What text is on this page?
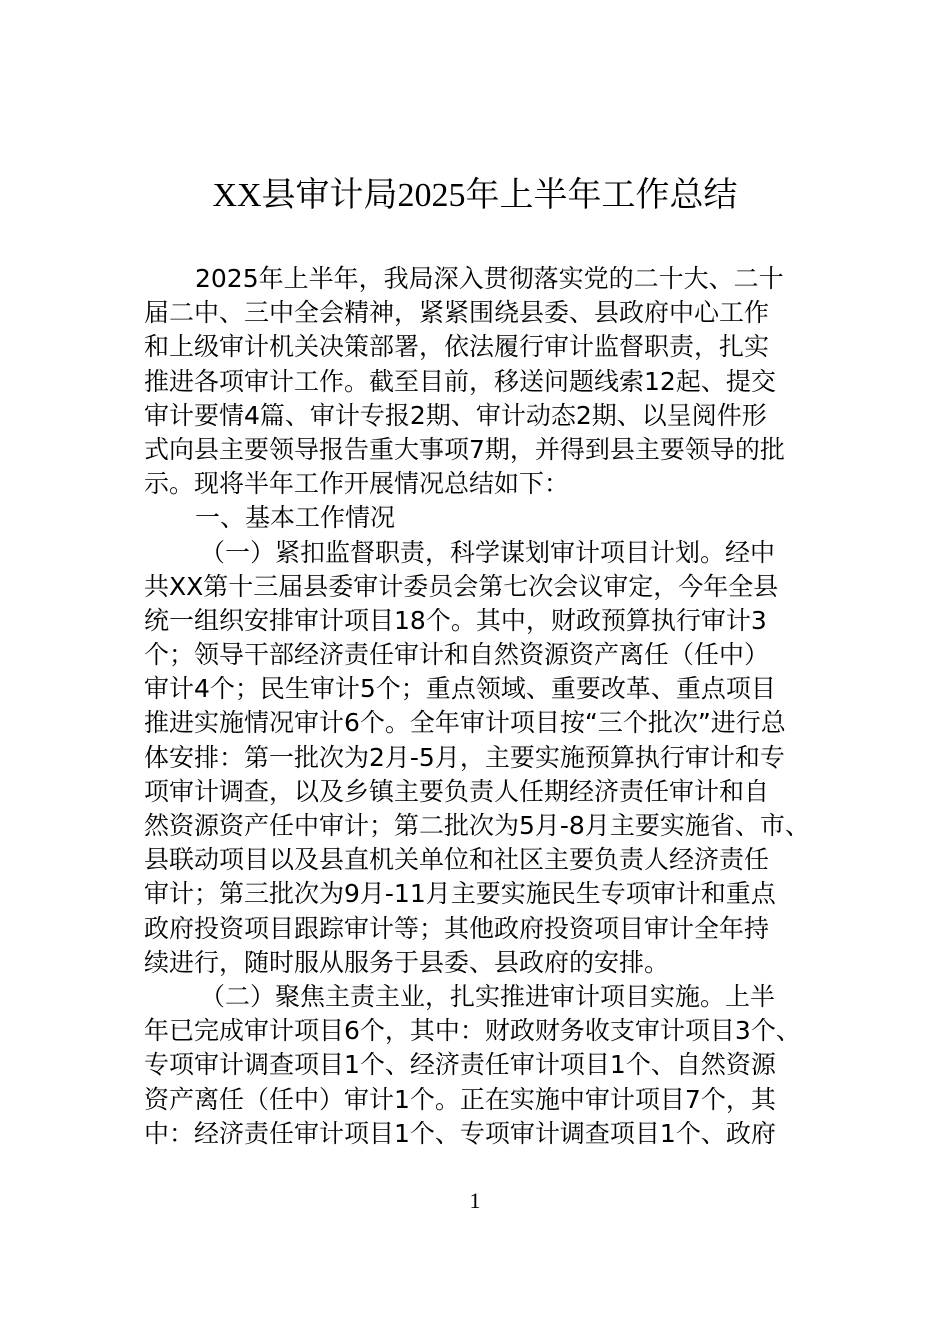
XX县审计局2025年上半年工作总结
2025年上半年，我局深入贯彻落实党的二十大、二十
届二中、三中全会精神，紧紧围绕县委、县政府中心工作
和上级审计机关决策部署，依法履行审计监督职责，扎实
推进各项审计工作。截至目前，移送问题线索12起、提交
审计要情4篇、审计专报2期、审计动态2期、以呈阅件形
式向县主要领导报告重大事项7期，并得到县主要领导的批
示。现将半年工作开展情况总结如下：
一、基本工作情况
（一）紧扣监督职责，科学谋划审计项目计划。经中
共XX第十三届县委审计委员会第七次会议审定，今年全县
统一组织安排审计项目18个。其中，财政预算执行审计3
个；领导干部经济责任审计和自然资源资产离任（任中）
审计4个；民生审计5个；重点领域、重要改革、重点项目
推进实施情况审计6个。全年审计项目按“三个批次”进行总
体安排：第一批次为2月-5月，主要实施预算执行审计和专
项审计调查，以及乡镇主要负责人任期经济责任审计和自
然资源资产任中审计；第二批次为5月-8月主要实施省、市、
县联动项目以及县直机关单位和社区主要负责人经济责任
审计；第三批次为9月-11月主要实施民生专项审计和重点
政府投资项目跟踪审计等；其他政府投资项目审计全年持
续进行，随时服从服务于县委、县政府的安排。
（二）聚焦主责主业，扎实推进审计项目实施。上半
年已完成审计项目6个，其中：财政财务收支审计项目3个、
专项审计调查项目1个、经济责任审计项目1个、自然资源
资产离任（任中）审计1个。正在实施中审计项目7个，其
中：经济责任审计项目1个、专项审计调查项目1个、政府
1
